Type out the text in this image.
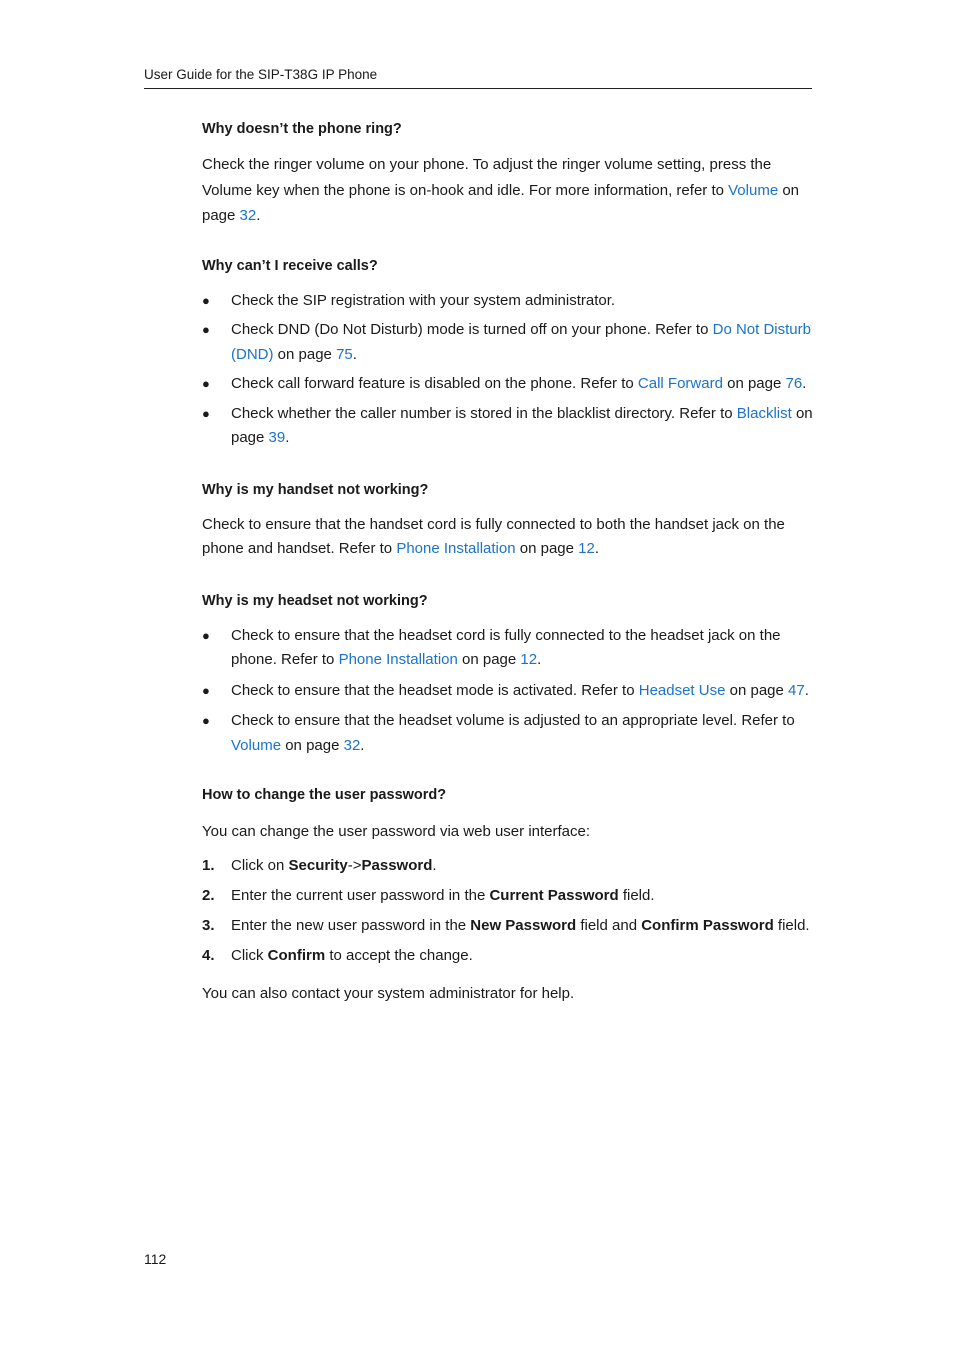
User Guide for the SIP-T38G IP Phone

Why doesn’t the phone ring?

Check the ringer volume on your phone. To adjust the ringer volume setting, press the Volume key when the phone is on-hook and idle. For more information, refer to Volume on page 32.

Why can’t I receive calls?

● Check the SIP registration with your system administrator.
● Check DND (Do Not Disturb) mode is turned off on your phone. Refer to Do Not Disturb (DND) on page 75.
● Check call forward feature is disabled on the phone. Refer to Call Forward on page 76.
● Check whether the caller number is stored in the blacklist directory. Refer to Blacklist on page 39.

Why is my handset not working?

Check to ensure that the handset cord is fully connected to both the handset jack on the phone and handset. Refer to Phone Installation on page 12.

Why is my headset not working?

● Check to ensure that the headset cord is fully connected to the headset jack on the phone. Refer to Phone Installation on page 12.
● Check to ensure that the headset mode is activated. Refer to Headset Use on page 47.
● Check to ensure that the headset volume is adjusted to an appropriate level. Refer to Volume on page 32.

How to change the user password?

You can change the user password via web user interface:

1. Click on Security->Password.
2. Enter the current user password in the Current Password field.
3. Enter the new user password in the New Password field and Confirm Password field.
4. Click Confirm to accept the change.

You can also contact your system administrator for help.

112
